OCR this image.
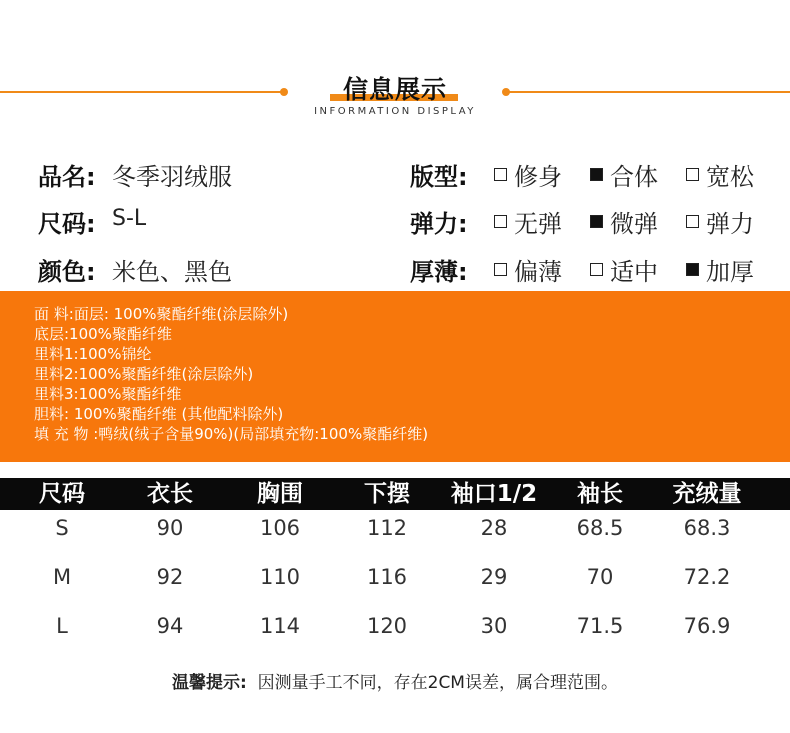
信息展示
INFORMATION DISPLAY
品名: 冬季羽绒服
尺码: S-L
颜色: 米色、黑色
版型: 修身 合体 宽松
弹力: 无弹 微弹 弹力
厚薄: 偏薄 适中 加厚
面 料:面层: 100%聚酯纤维(涂层除外)
底层:100%聚酯纤维
里料1:100%锦纶
里料2:100%聚酯纤维(涂层除外)
里料3:100%聚酯纤维
胆料: 100%聚酯纤维 (其他配料除外)
填 充 物 :鸭绒(绒子含量90%)(局部填充物:100%聚酯纤维)
尺码	衣长	胸围	下摆	袖口1/2	袖长	充绒量
S	90	106	112	28	68.5	68.3
M	92	110	116	29	70	72.2
L	94	114	120	30	71.5	76.9
温馨提示: 因测量手工不同，存在2CM误差，属合理范围。
